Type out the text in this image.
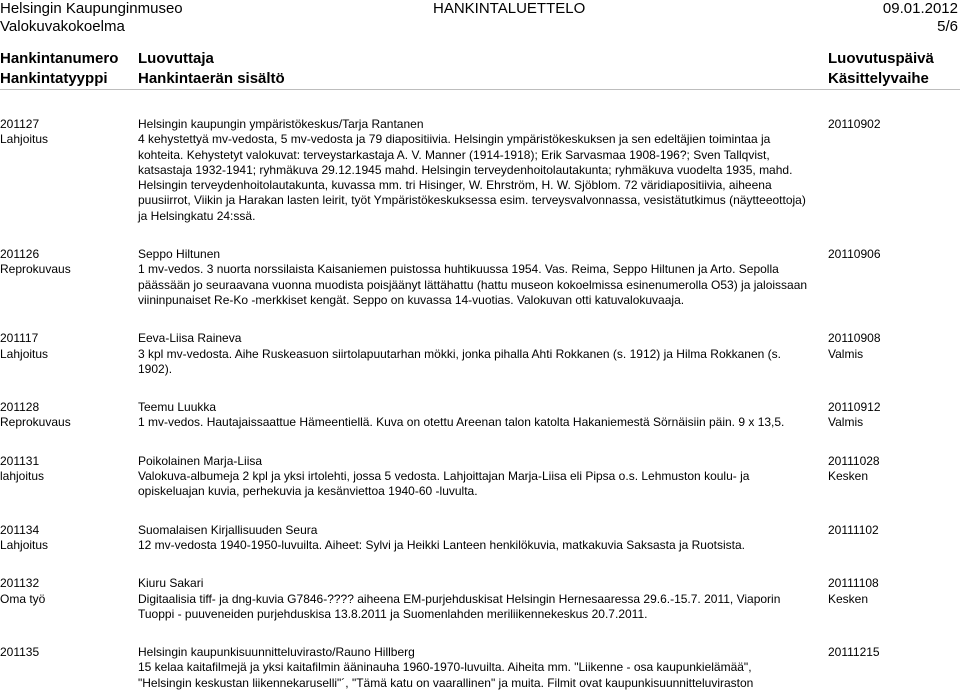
Helsingin Kaupunginmuseo
Valokuvakokoelma
HANKINTALUETTELO	09.01.2012
5/6
Hankintanumero
Hankintatyyppi
Luovuttaja
Hankintaerän sisältö
Luovutuspäivä
Käsittelyvaihe
201127
Lahjoitus
Helsingin kaupungin ympäristökeskus/Tarja Rantanen
4 kehystettyä mv-vedosta, 5 mv-vedosta ja 79 diapositiivia. Helsingin ympäristökeskuksen ja sen edeltäjien toimintaa ja
kohteita. Kehystetyt valokuvat: terveystarkastaja A. V. Manner (1914-1918); Erik Sarvasmaa 1908-196?; Sven Tallqvist,
katsastaja 1932-1941; ryhmäkuva 29.12.1945 mahd. Helsingin terveydenhoitolautakunta; ryhmäkuva vuodelta 1935, mahd.
Helsingin terveydenhoitolautakunta, kuvassa mm. tri Hisinger, W. Ehrström, H. W. Sjöblom. 72 väridiapositiivia, aiheena
puusiirrot, Viikin ja Harakan lasten leirit, työt Ympäristökeskuksessa esim. terveysvalvonnassa, vesistätutkimus (näytteeottoja)
ja Helsingkatu 24:ssä.
20110902
201126
Reprokuvaus
Seppo Hiltunen
1 mv-vedos. 3 nuorta norssilaista Kaisaniemen puistossa huhtikuussa 1954. Vas. Reima, Seppo Hiltunen ja Arto. Sepolla
päässään jo seuraavana vuonna muodista poisjäänyt lättähattu (hattu museon kokoelmissa esinenumerolla O53) ja jaloissaan
viininpunaiset Re-Ko -merkkiset kengät. Seppo on kuvassa 14-vuotias. Valokuvan otti katuvalokuvaaja.
20110906
201117
Lahjoitus
Eeva-Liisa Raineva
3 kpl mv-vedosta. Aihe Ruskeasuon siirtolapuutarhan mökki, jonka pihalla Ahti Rokkanen (s. 1912) ja Hilma Rokkanen (s.
1902).
20110908
Valmis
201128
Reprokuvaus
Teemu Luukka
1 mv-vedos. Hautajaissaattue Hämeentiellä. Kuva on otettu Areenan talon katolta Hakaniemestä Sörnäisiin päin. 9 x 13,5.
20110912
Valmis
201131
lahjoitus
Poikolainen Marja-Liisa
Valokuva-albumeja 2 kpl ja yksi irtolehti, jossa 5 vedosta. Lahjoittajan Marja-Liisa eli Pipsa o.s. Lehmuston koulu- ja
opiskeluajan kuvia, perhekuvia ja kesänviettoa 1940-60 -luvulta.
20111028
Kesken
201134
Lahjoitus
Suomalaisen Kirjallisuuden Seura
12 mv-vedosta 1940-1950-luvuilta. Aiheet: Sylvi ja Heikki Lanteen henkilökuvia, matkakuvia Saksasta ja Ruotsista.
20111102
201132
Oma työ
Kiuru Sakari
Digitaalisia tiff- ja dng-kuvia G7846-???? aiheena EM-purjehduskisat Helsingin Hernesaaressa 29.6.-15.7. 2011, Viaporin
Tuoppi - puuveneiden purjehduskisa 13.8.2011 ja Suomenlahden meriliikennekeskus 20.7.2011.
20111108
Kesken
201135	Helsingin kaupunkisuunnitteluvirasto/Rauno Hillberg
15 kelaa kaitafilmejä ja yksi kaitafilmin ääninauha 1960-1970-luvuilta. Aiheita mm. "Liikenne - osa kaupunkielämää",
"Helsingin keskustan liikennekaruselli"´, "Tämä katu on vaarallinen" ja muita. Filmit ovat kaupunkisuunnitteluviraston
20111215
